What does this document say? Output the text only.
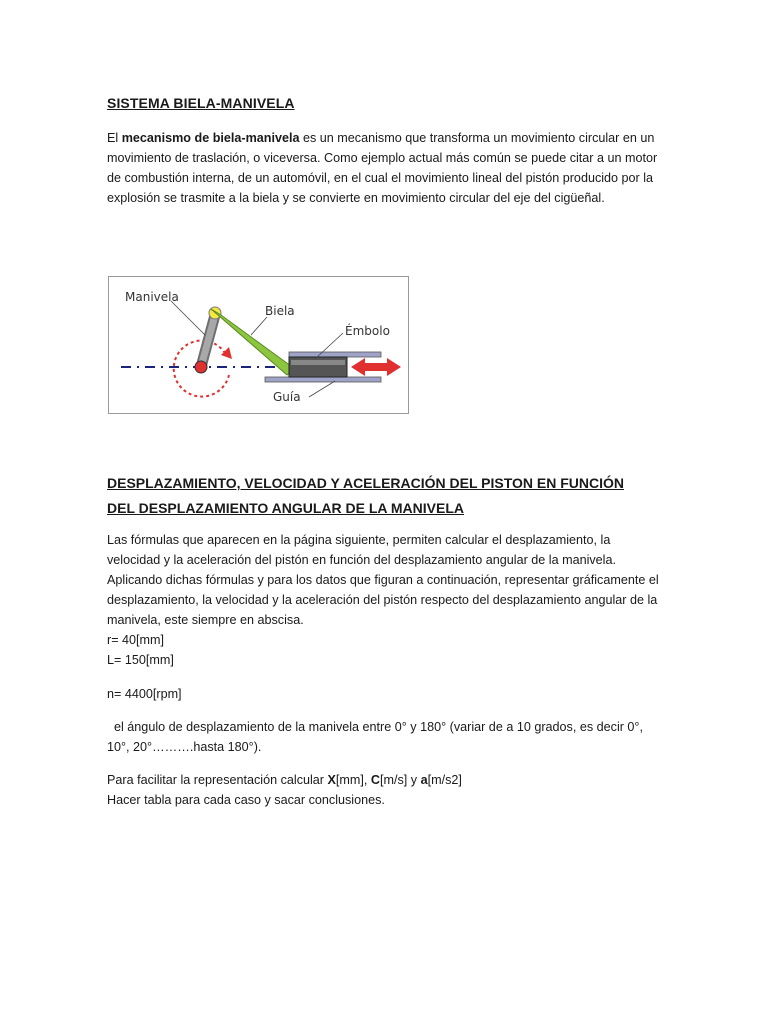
SISTEMA BIELA-MANIVELA

El mecanismo de biela-manivela es un mecanismo que transforma un movimiento circular en un movimiento de traslación, o viceversa. Como ejemplo actual más común se puede citar a un motor de combustión interna, de un automóvil, en el cual el movimiento lineal del pistón producido por la explosión se trasmite a la biela y se convierte en movimiento circular del eje del cigüeñal.

Manivela
Biela
Émbolo
Guía
DESPLAZAMIENTO, VELOCIDAD Y ACELERACIÓN DEL PISTON EN FUNCIÓN
DEL DESPLAZAMIENTO ANGULAR DE LA MANIVELA

Las fórmulas que aparecen en la página siguiente, permiten calcular el desplazamiento, la velocidad y la aceleración del pistón en función del desplazamiento angular de la manivela. Aplicando dichas fórmulas y para los datos que figuran a continuación, representar gráficamente el desplazamiento, la velocidad y la aceleración del pistón respecto del desplazamiento angular de la manivela, este siempre en abscisa.

r= 40[mm]
L= 150[mm]
n= 4400[rpm]
el ángulo de desplazamiento de la manivela entre 0° y 180° (variar de a 10 grados, es decir 0°, 10°, 20°……….hasta 180°).
Para facilitar la representación calcular X[mm], C[m/s] y a[m/s2]
Hacer tabla para cada caso y sacar conclusiones.
